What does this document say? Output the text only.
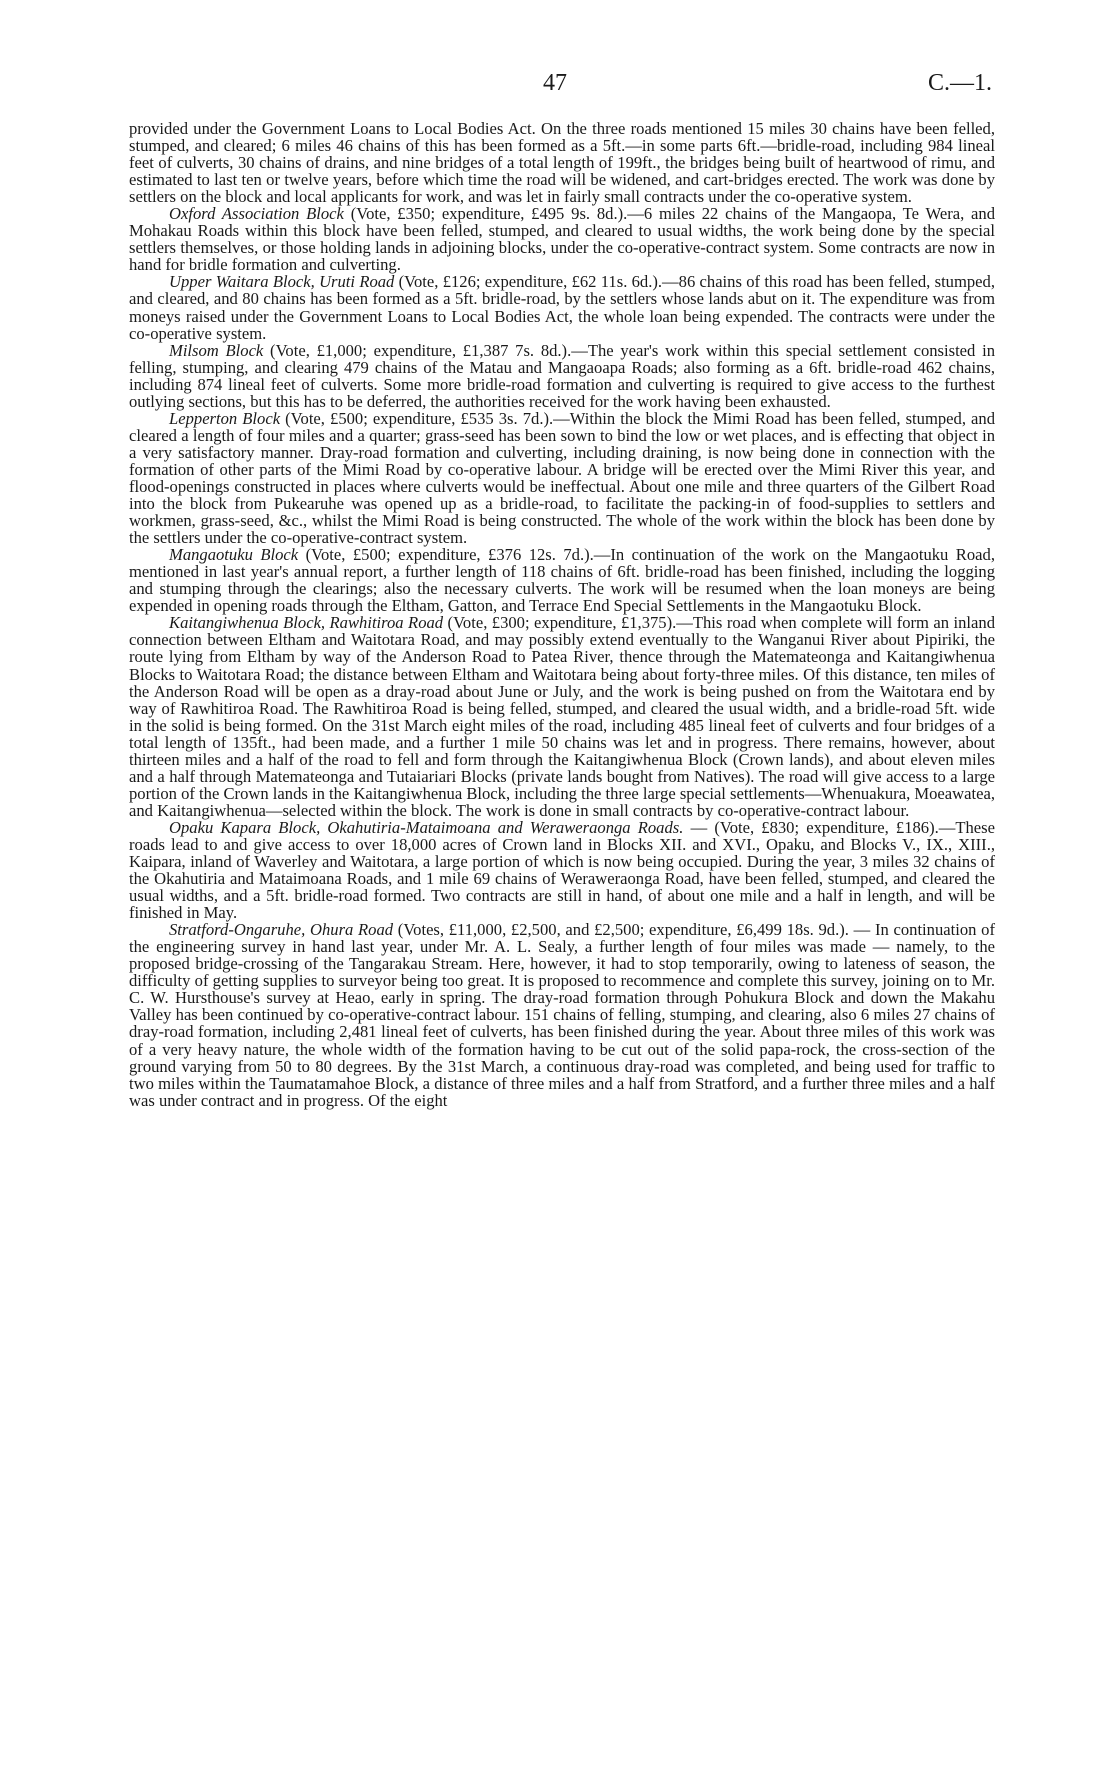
47	C.—1.

provided under the Government Loans to Local Bodies Act. On the three roads mentioned 15 miles 30 chains have been felled, stumped, and cleared; 6 miles 46 chains of this has been formed as a 5ft.—in some parts 6ft.—bridle-road, including 984 lineal feet of culverts, 30 chains of drains, and nine bridges of a total length of 199ft., the bridges being built of heartwood of rimu, and estimated to last ten or twelve years, before which time the road will be widened, and cart-bridges erected. The work was done by settlers on the block and local applicants for work, and was let in fairly small contracts under the co-operative system.

Oxford Association Block (Vote, £350; expenditure, £495 9s. 8d.).—6 miles 22 chains of the Mangaopa, Te Wera, and Mohakau Roads within this block have been felled, stumped, and cleared to usual widths, the work being done by the special settlers themselves, or those holding lands in adjoining blocks, under the co-operative-contract system. Some contracts are now in hand for bridle formation and culverting.

Upper Waitara Block, Uruti Road (Vote, £126; expenditure, £62 11s. 6d.).—86 chains of this road has been felled, stumped, and cleared, and 80 chains has been formed as a 5ft. bridle-road, by the settlers whose lands abut on it. The expenditure was from moneys raised under the Government Loans to Local Bodies Act, the whole loan being expended. The contracts were under the co-operative system.

Milsom Block (Vote, £1,000; expenditure, £1,387 7s. 8d.).—The year's work within this special settlement consisted in felling, stumping, and clearing 479 chains of the Matau and Mangaoapa Roads; also forming as a 6ft. bridle-road 462 chains, including 874 lineal feet of culverts. Some more bridle-road formation and culverting is required to give access to the furthest outlying sections, but this has to be deferred, the authorities received for the work having been exhausted.

Lepperton Block (Vote, £500; expenditure, £535 3s. 7d.).—Within the block the Mimi Road has been felled, stumped, and cleared a length of four miles and a quarter; grass-seed has been sown to bind the low or wet places, and is effecting that object in a very satisfactory manner. Dray-road formation and culverting, including draining, is now being done in connection with the formation of other parts of the Mimi Road by co-operative labour. A bridge will be erected over the Mimi River this year, and flood-openings constructed in places where culverts would be ineffectual. About one mile and three quarters of the Gilbert Road into the block from Pukearuhe was opened up as a bridle-road, to facilitate the packing-in of food-supplies to settlers and workmen, grass-seed, &c., whilst the Mimi Road is being constructed. The whole of the work within the block has been done by the settlers under the co-operative-contract system.

Mangaotuku Block (Vote, £500; expenditure, £376 12s. 7d.).—In continuation of the work on the Mangaotuku Road, mentioned in last year's annual report, a further length of 118 chains of 6ft. bridle-road has been finished, including the logging and stumping through the clearings; also the necessary culverts. The work will be resumed when the loan moneys are being expended in opening roads through the Eltham, Gatton, and Terrace End Special Settlements in the Mangaotuku Block.

Kaitangiwhenua Block, Rawhitiroa Road (Vote, £300; expenditure, £1,375).—This road when complete will form an inland connection between Eltham and Waitotara Road, and may possibly extend eventually to the Wanganui River about Pipiriki, the route lying from Eltham by way of the Anderson Road to Patea River, thence through the Matemateonga and Kaitangiwhenua Blocks to Waitotara Road; the distance between Eltham and Waitotara being about forty-three miles. Of this distance, ten miles of the Anderson Road will be open as a dray-road about June or July, and the work is being pushed on from the Waitotara end by way of Rawhitiroa Road. The Rawhitiroa Road is being felled, stumped, and cleared the usual width, and a bridle-road 5ft. wide in the solid is being formed. On the 31st March eight miles of the road, including 485 lineal feet of culverts and four bridges of a total length of 135ft., had been made, and a further 1 mile 50 chains was let and in progress. There remains, however, about thirteen miles and a half of the road to fell and form through the Kaitangiwhenua Block (Crown lands), and about eleven miles and a half through Matemateonga and Tutaiariari Blocks (private lands bought from Natives). The road will give access to a large portion of the Crown lands in the Kaitangiwhenua Block, including the three large special settlements—Whenuakura, Moeawatea, and Kaitangiwhenua—selected within the block. The work is done in small contracts by co-operative-contract labour.

Opaku Kapara Block, Okahutiria-Mataimoana and Weraweraonga Roads. — (Vote, £830; expenditure, £186).—These roads lead to and give access to over 18,000 acres of Crown land in Blocks XII. and XVI., Opaku, and Blocks V., IX., XIII., Kaipara, inland of Waverley and Waitotara, a large portion of which is now being occupied. During the year, 3 miles 32 chains of the Okahutiria and Mataimoana Roads, and 1 mile 69 chains of Weraweraonga Road, have been felled, stumped, and cleared the usual widths, and a 5ft. bridle-road formed. Two contracts are still in hand, of about one mile and a half in length, and will be finished in May.

Stratford-Ongaruhe, Ohura Road (Votes, £11,000, £2,500, and £2,500; expenditure, £6,499 18s. 9d.). — In continuation of the engineering survey in hand last year, under Mr. A. L. Sealy, a further length of four miles was made — namely, to the proposed bridge-crossing of the Tangarakau Stream. Here, however, it had to stop temporarily, owing to lateness of season, the difficulty of getting supplies to surveyor being too great. It is proposed to recommence and complete this survey, joining on to Mr. C. W. Hursthouse's survey at Heao, early in spring. The dray-road formation through Pohukura Block and down the Makahu Valley has been continued by co-operative-contract labour. 151 chains of felling, stumping, and clearing, also 6 miles 27 chains of dray-road formation, including 2,481 lineal feet of culverts, has been finished during the year. About three miles of this work was of a very heavy nature, the whole width of the formation having to be cut out of the solid papa-rock, the cross-section of the ground varying from 50 to 80 degrees. By the 31st March, a continuous dray-road was completed, and being used for traffic to two miles within the Taumatamahoe Block, a distance of three miles and a half from Stratford, and a further three miles and a half was under contract and in progress. Of the eight
